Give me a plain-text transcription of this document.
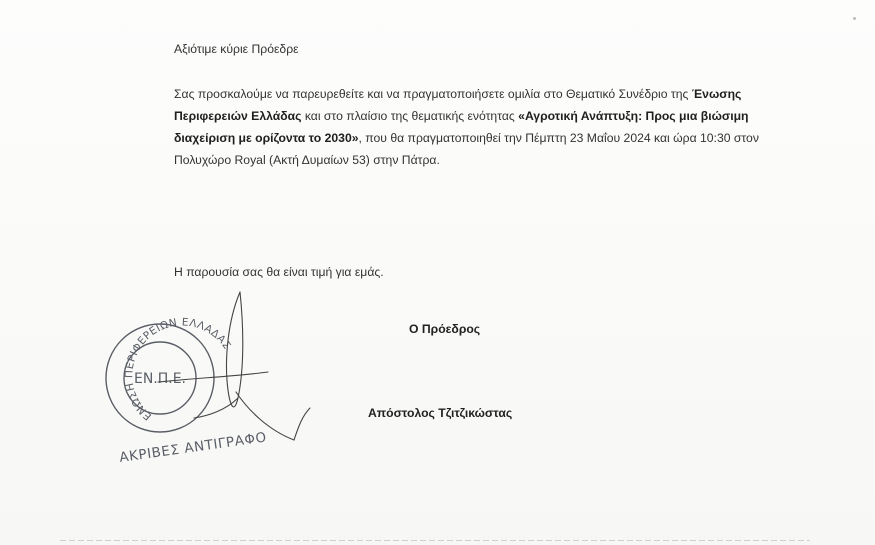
Αξιότιμε κύριε Πρόεδρε

Σας προσκαλούμε να παρευρεθείτε και να πραγματοποιήσετε ομιλία στο Θεματικό Συνέδριο της Ένωσης Περιφερειών Ελλάδας και στο πλαίσιο της θεματικής ενότητας «Αγροτική Ανάπτυξη: Προς μια βιώσιμη διαχείριση με ορίζοντα το 2030», που θα πραγματοποιηθεί την Πέμπτη 23 Μαΐου 2024 και ώρα 10:30 στον Πολυχώρο Royal (Ακτή Δυμαίων 53) στην Πάτρα.

Η παρουσία σας θα είναι τιμή για εμάς.
Ο Πρόεδρος
ΕΝΩΣΗ ΠΕΡΙΦΕΡΕΙΩΝ ΕΛΛΑΔΑΣ
ΕΝ.Π.Ε.
ΑΚΡΙΒΕΣ ΑΝΤΙΓΡΑΦΟ
Απόστολος Τζιτζικώστας
